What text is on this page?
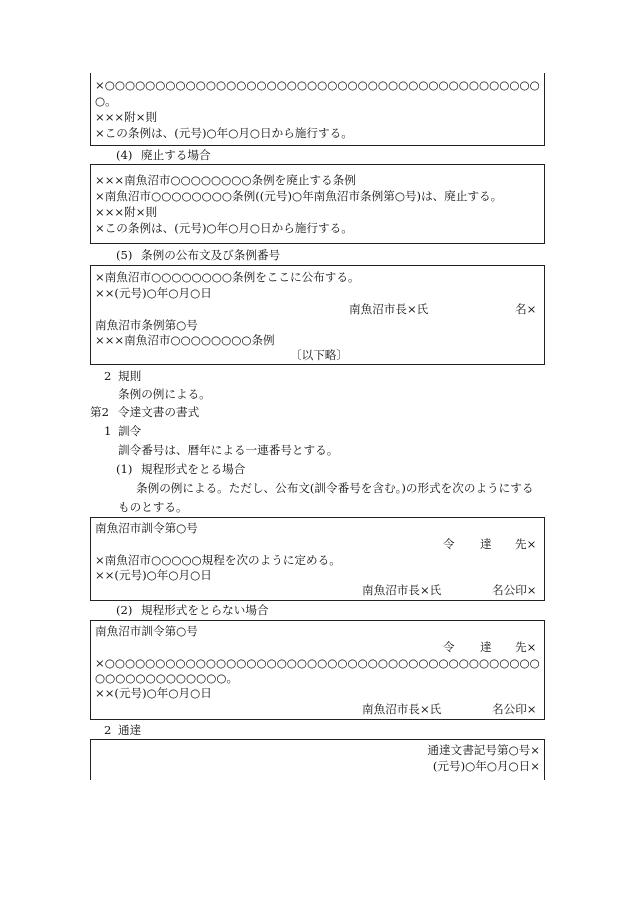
×○○○○○○○○○○○○○○○○○○○○○○○○○○○○○○○○○○○○○○○○○○○
○。
×××附×則
×この条例は、(元号)○年○月○日から施行する。
(4) 廃止する場合
×××南魚沼市○○○○○○○○条例を廃止する条例
×南魚沼市○○○○○○○○条例((元号)○年南魚沼市条例第○号)は、廃止する。
×××附×則
×この条例は、(元号)○年○月○日から施行する。
(5) 条例の公布文及び条例番号
×南魚沼市○○○○○○○○条例をここに公布する。
××(元号)○年○月○日
南魚沼市長×氏	名×
南魚沼市条例第○号
×××南魚沼市○○○○○○○○条例
〔以下略〕
2 規則
条例の例による。
第2 令達文書の書式
1 訓令
訓令番号は、暦年による一連番号とする。
(1) 規程形式をとる場合
条例の例による。ただし、公布文(訓令番号を含む。)の形式を次のようにする
ものとする。
南魚沼市訓令第○号
令 達 先×
×南魚沼市○○○○○規程を次のように定める。
××(元号)○年○月○日
南魚沼市長×氏	名公印×
(2) 規程形式をとらない場合
南魚沼市訓令第○号
令 達 先×
×○○○○○○○○○○○○○○○○○○○○○○○○○○○○○○○○○○○○○○○○○○○
○○○○○○○○○○○○○。
××(元号)○年○月○日
南魚沼市長×氏	名公印×
2 通達
通達文書記号第○号×
(元号)○年○月○日×
